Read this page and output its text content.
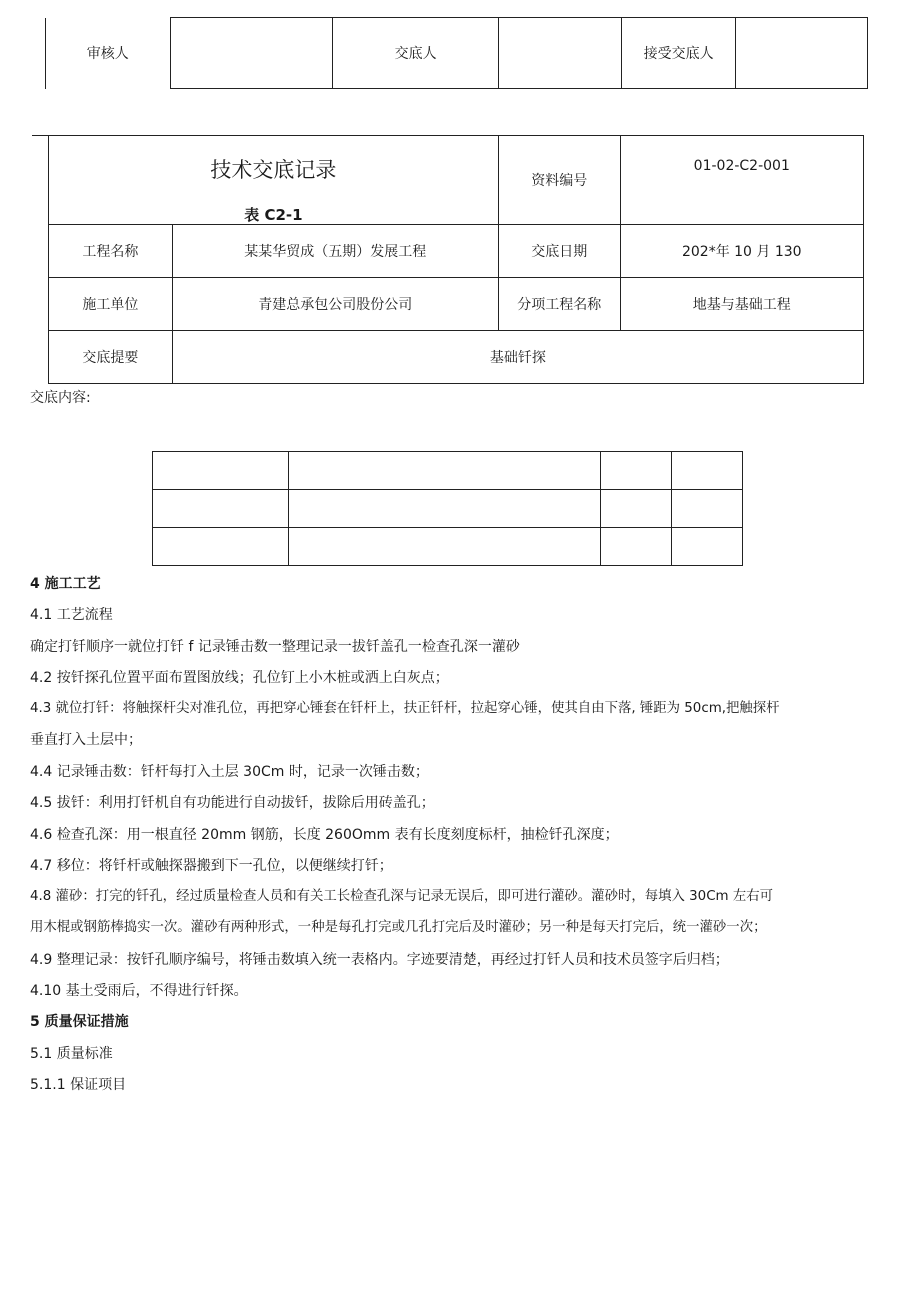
审核人		交底人		接受交底人	
技术交底记录
表 C2-1		资料编号	01-02-C2-001
工程名称	某某华贸成（五期）发展工程	交底日期	202*年 10 月 130
施工单位	青建总承包公司股份公司	分项工程名称	地基与基础工程
交底提要	基础钎探		
交底内容:

4 施工工艺
4.1 工艺流程
确定打钎顺序一就位打钎 f 记录锤击数一整理记录一拔钎盖孔一检查孔深一灌砂
4.2 按钎探孔位置平面布置图放线；孔位钉上小木桩或洒上白灰点；
4.3 就位打钎：将触探杆尖对准孔位，再把穿心锤套在钎杆上，扶正钎杆，拉起穿心锤，使其自由下落, 锤距为 50cm,把触探杆
垂直打入土层中；
4.4 记录锤击数：钎杆每打入土层 30Cm 时，记录一次锤击数；
4.5 拔钎：利用打钎机自有功能进行自动拔钎，拔除后用砖盖孔；
4.6 检查孔深：用一根直径 20mm 钢筋，长度 260Omm 表有长度刻度标杆，抽检钎孔深度；
4.7 移位：将钎杆或触探器搬到下一孔位，以便继续打钎；
4.8 灌砂：打完的钎孔，经过质量检查人员和有关工长检查孔深与记录无误后，即可进行灌砂。灌砂时，每填入 30Cm 左右可
用木棍或钢筋棒捣实一次。灌砂有两种形式，一种是每孔打完或几孔打完后及时灌砂；另一种是每天打完后，统一灌砂一次；
4.9 整理记录：按钎孔顺序编号，将锤击数填入统一表格内。字迹要清楚，再经过打钎人员和技术员签字后归档；
4.10 基土受雨后，不得进行钎探。
5 质量保证措施
5.1 质量标准
5.1.1 保证项目
